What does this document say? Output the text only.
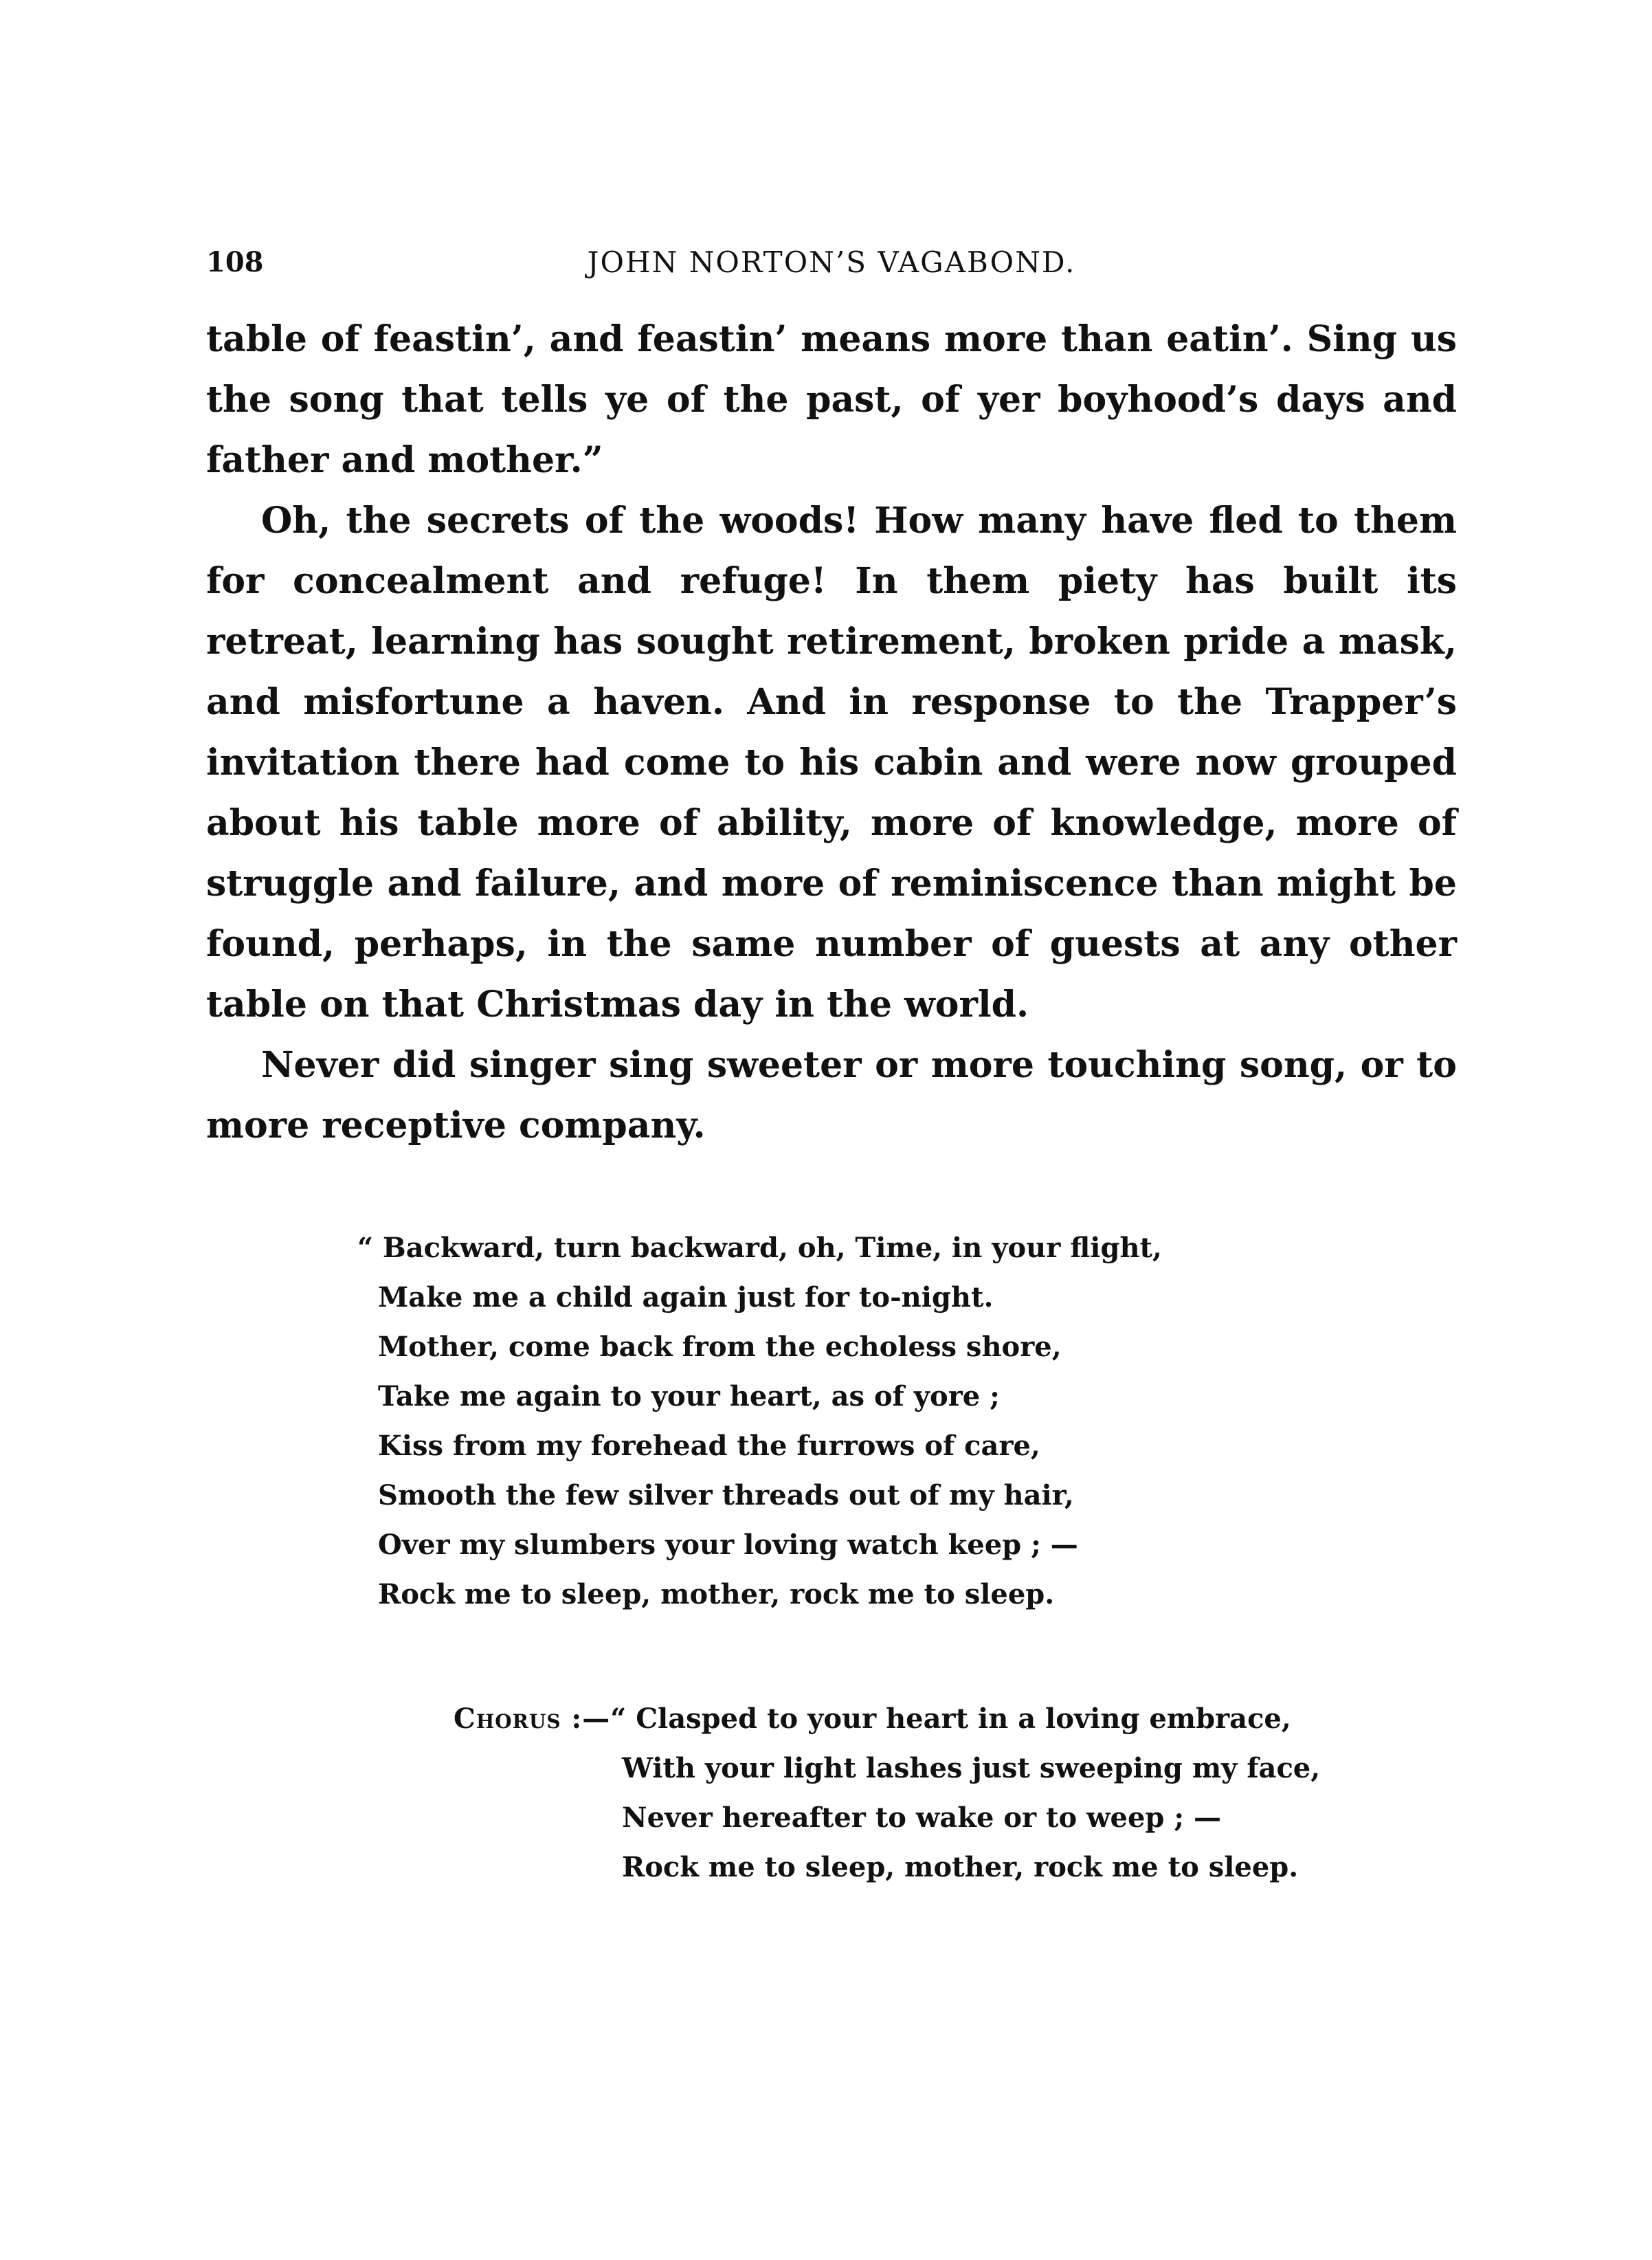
108	JOHN NORTON’S VAGABOND.

table of feastin’, and feastin’ means more than eatin’. Sing us the song that tells ye of the past, of yer boyhood’s days and father and mother.”

Oh, the secrets of the woods! How many have fled to them for concealment and refuge! In them piety has built its retreat, learning has sought retirement, broken pride a mask, and misfortune a haven. And in response to the Trapper’s invitation there had come to his cabin and were now grouped about his table more of ability, more of knowledge, more of struggle and failure, and more of reminiscence than might be found, perhaps, in the same number of guests at any other table on that Christmas day in the world.

Never did singer sing sweeter or more touching song, or to more receptive company.

“ Backward, turn backward, oh, Time, in your flight,
Make me a child again just for to-night.
Mother, come back from the echoless shore,
Take me again to your heart, as of yore ;
Kiss from my forehead the furrows of care,
Smooth the few silver threads out of my hair,
Over my slumbers your loving watch keep ; —
Rock me to sleep, mother, rock me to sleep.
Chorus :— “ Clasped to your heart in a loving embrace,
With your light lashes just sweeping my face,
Never hereafter to wake or to weep ; —
Rock me to sleep, mother, rock me to sleep.
